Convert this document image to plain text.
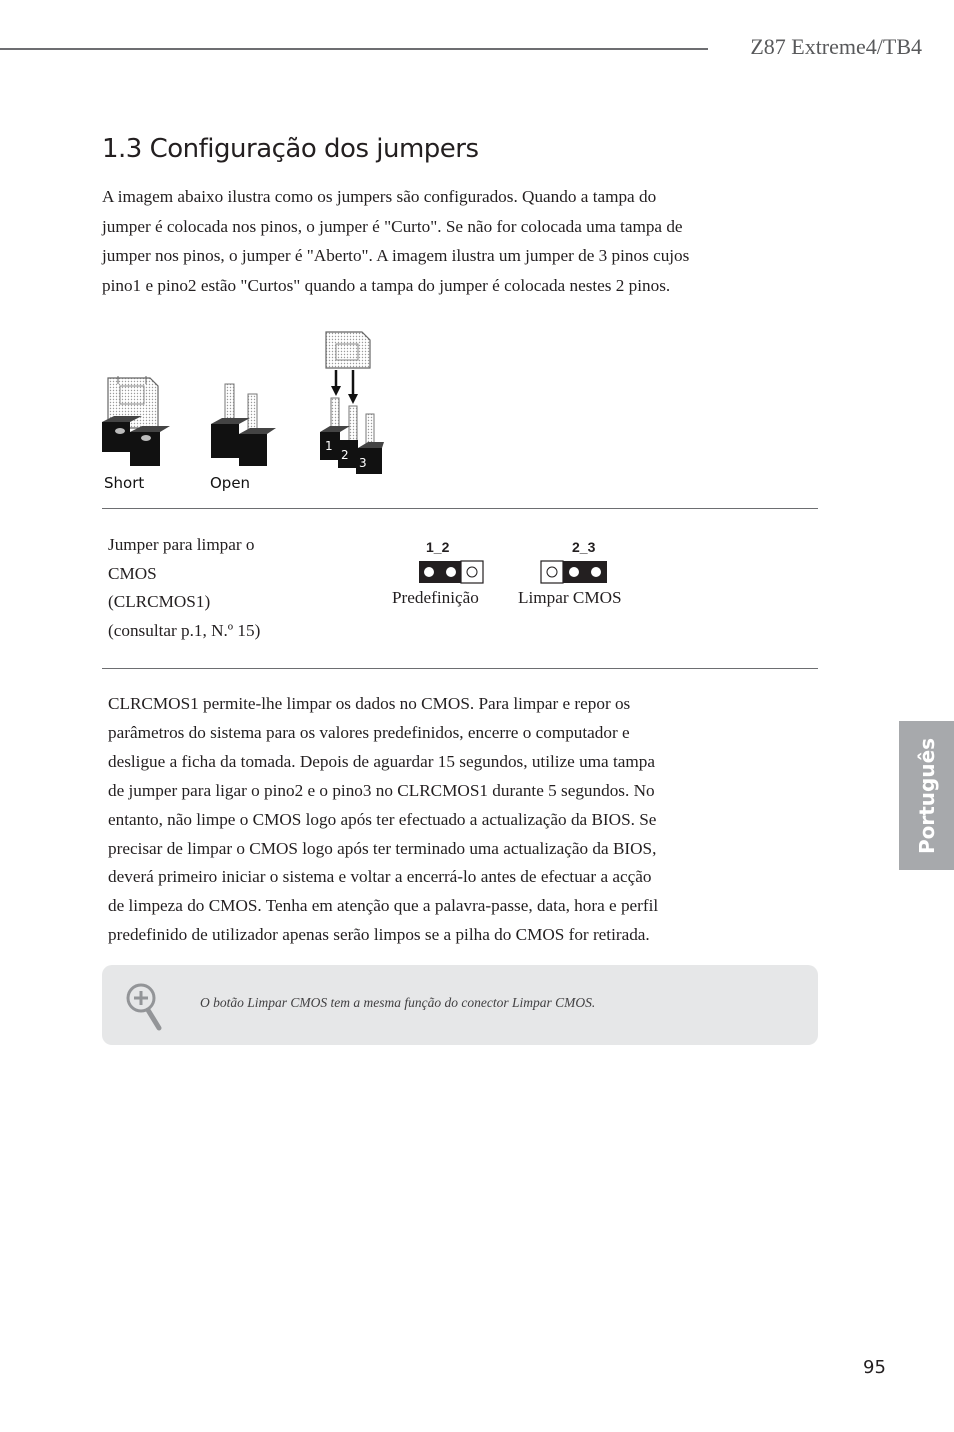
Z87 Extreme4/TB4
1.3 Configuração dos jumpers

A imagem abaixo ilustra como os jumpers são configurados. Quando a tampa do
jumper é colocada nos pinos, o jumper é "Curto". Se não for colocada uma tampa de
jumper nos pinos, o jumper é "Aberto". A imagem ilustra um jumper de 3 pinos cujos
pino1 e pino2 estão "Curtos" quando a tampa do jumper é colocada nestes 2 pinos.

Short	Open
1
2
3
Jumper para limpar o
CMOS
(CLRCMOS1)
(consultar p.1, N.º 15)
1_2
Predefinição
2_3
Limpar CMOS

CLRCMOS1 permite-lhe limpar os dados no CMOS. Para limpar e repor os
parâmetros do sistema para os valores predefinidos, encerre o computador e
desligue a ficha da tomada. Depois de aguardar 15 segundos, utilize uma tampa
de jumper para ligar o pino2 e o pino3 no CLRCMOS1 durante 5 segundos. No
entanto, não limpe o CMOS logo após ter efectuado a actualização da BIOS. Se
precisar de limpar o CMOS logo após ter terminado uma actualização da BIOS,
deverá primeiro iniciar o sistema e voltar a encerrá-lo antes de efectuar a acção
de limpeza do CMOS. Tenha em atenção que a palavra-passe, data, hora e perfil
predefinido de utilizador apenas serão limpos se a pilha do CMOS for retirada.

O botão Limpar CMOS tem a mesma função do conector Limpar CMOS.
Português
95
